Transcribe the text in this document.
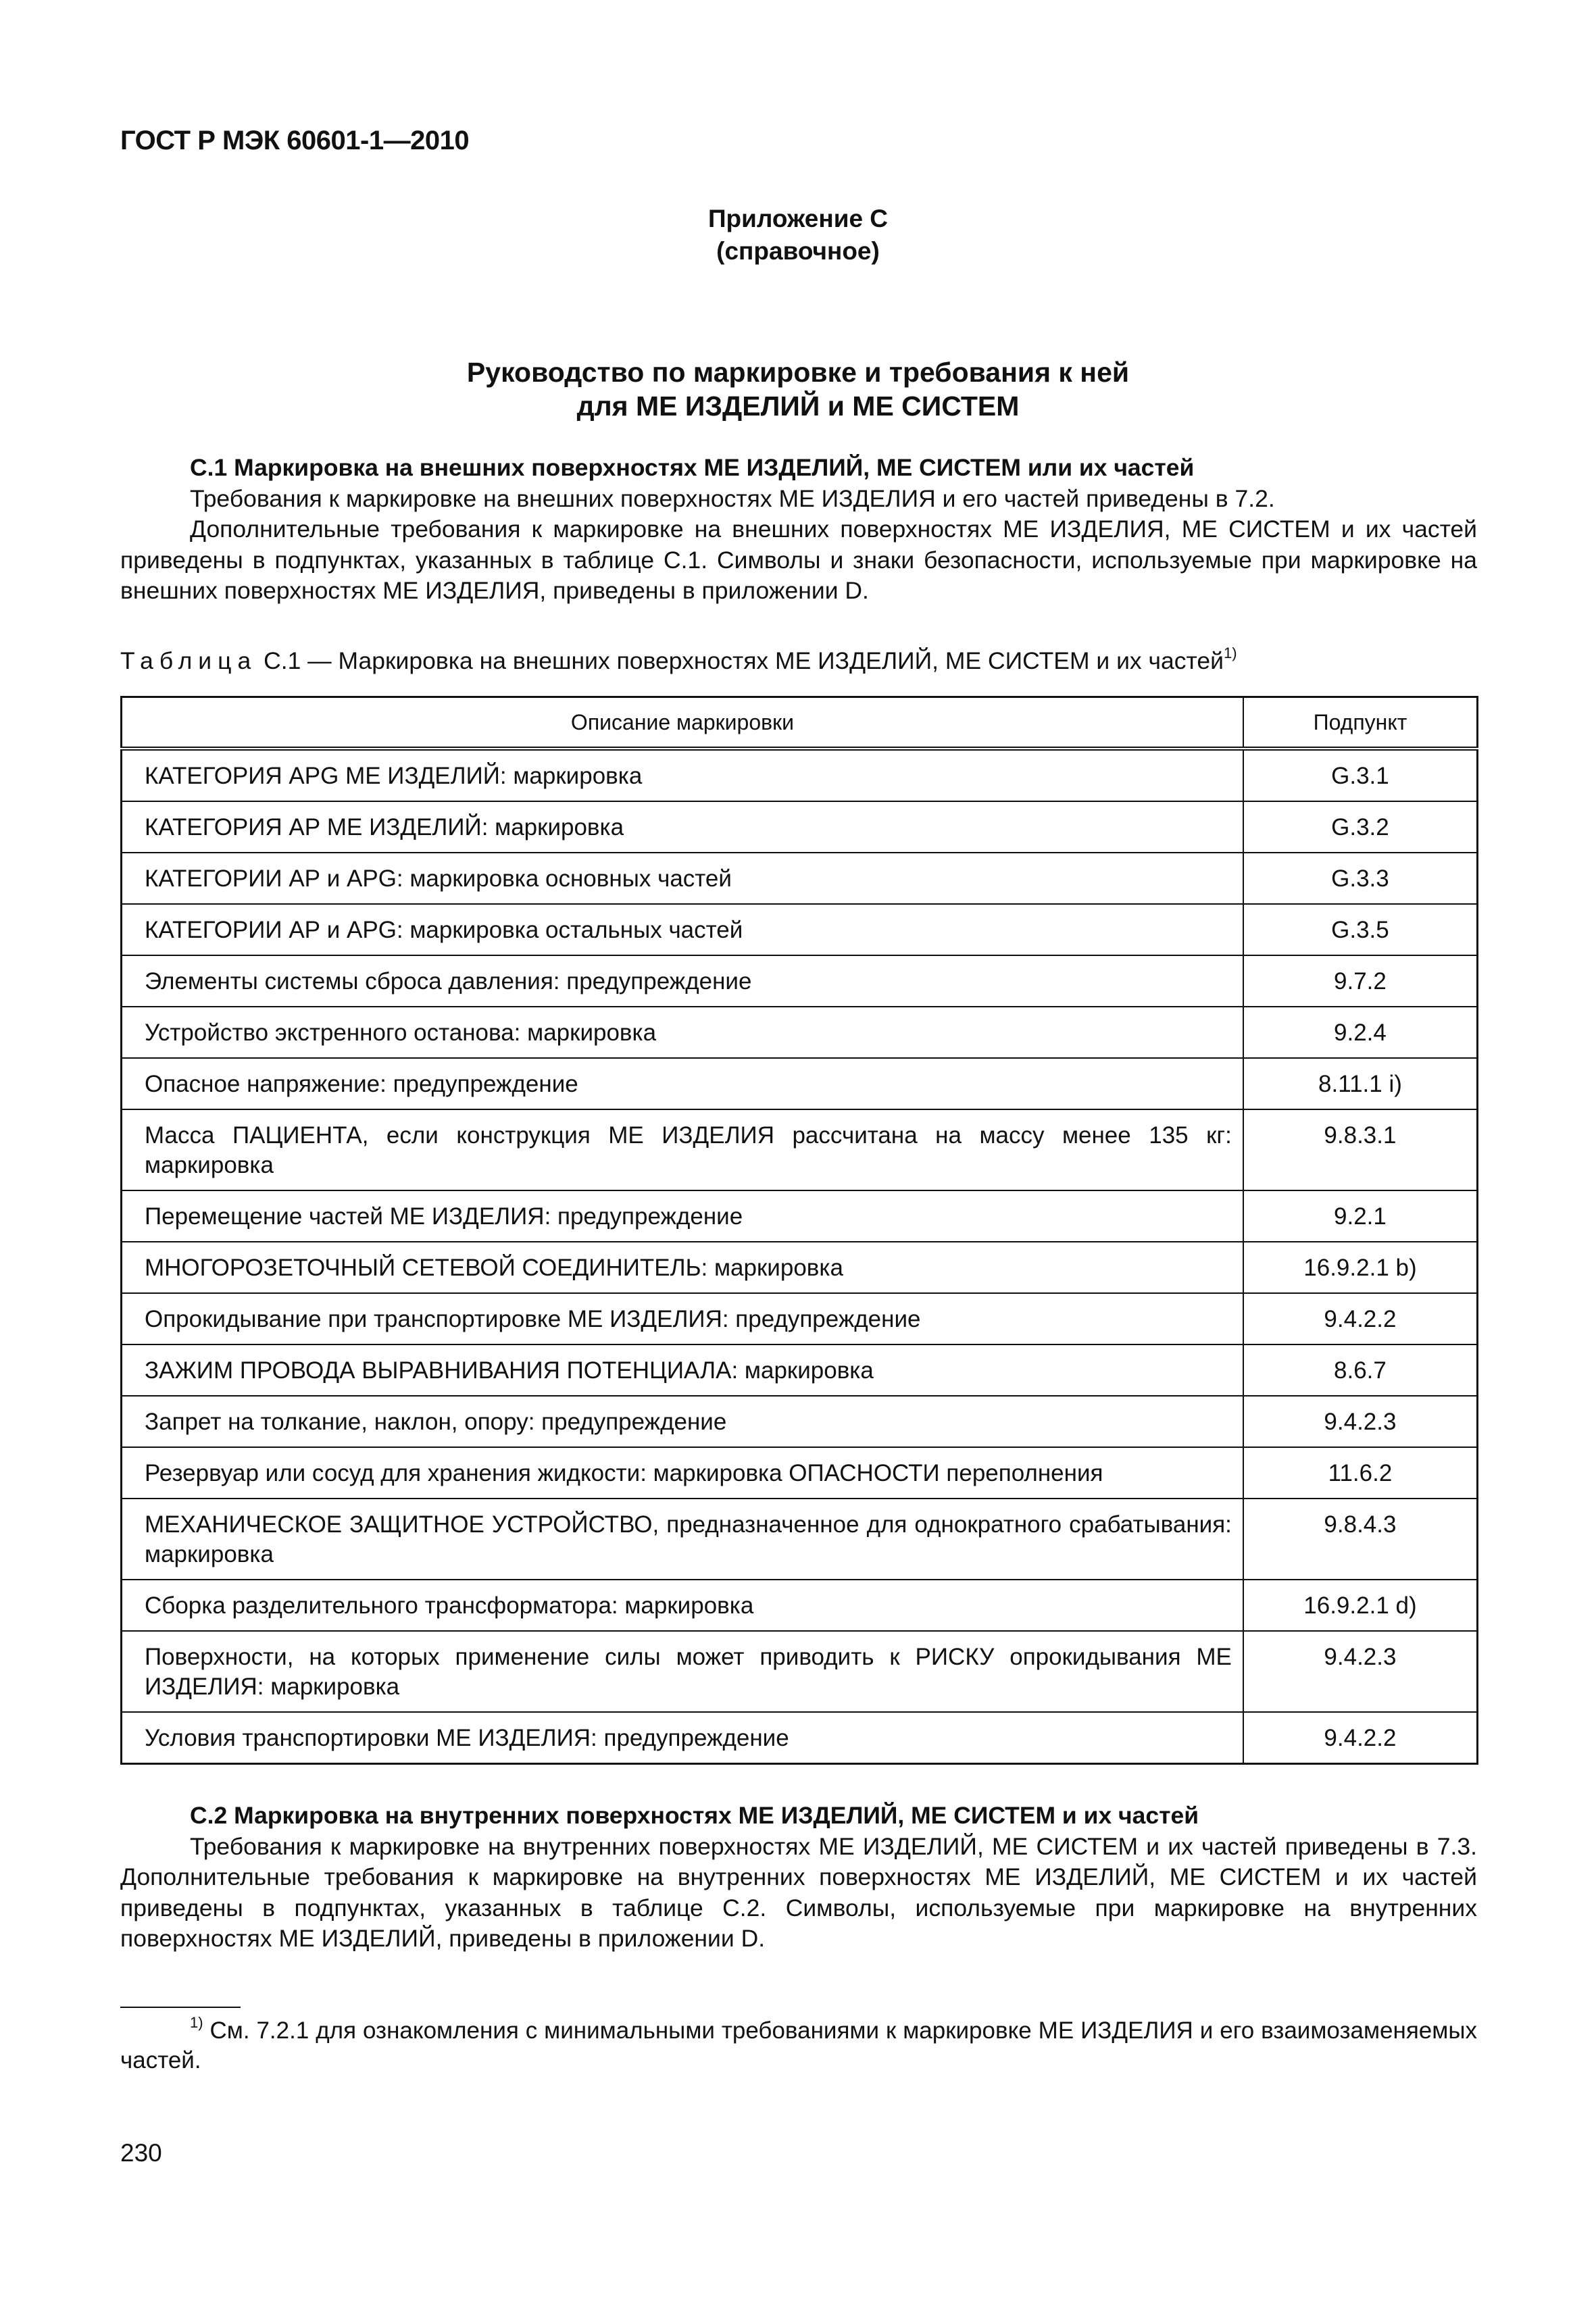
ГОСТ Р МЭК 60601-1—2010
Приложение С
(справочное)
Руководство по маркировке и требования к ней
для МЕ ИЗДЕЛИЙ и МЕ СИСТЕМ

С.1 Маркировка на внешних поверхностях МЕ ИЗДЕЛИЙ, МЕ СИСТЕМ или их частей

Требования к маркировке на внешних поверхностях МЕ ИЗДЕЛИЯ и его частей приведены в 7.2.

Дополнительные требования к маркировке на внешних поверхностях МЕ ИЗДЕЛИЯ, МЕ СИСТЕМ и их частей приведены в подпунктах, указанных в таблице С.1. Символы и знаки безопасности, используемые при маркировке на внешних поверхностях МЕ ИЗДЕЛИЯ, приведены в приложении D.

Таблица С.1 — Маркировка на внешних поверхностях МЕ ИЗДЕЛИЙ, МЕ СИСТЕМ и их частей$^{1)}$
Описание маркировки	Подпункт
КАТЕГОРИЯ APG МЕ ИЗДЕЛИЙ: маркировка	G.3.1
КАТЕГОРИЯ АР МЕ ИЗДЕЛИЙ: маркировка	G.3.2
КАТЕГОРИИ АР и APG: маркировка основных частей	G.3.3
КАТЕГОРИИ АР и APG: маркировка остальных частей	G.3.5
Элементы системы сброса давления: предупреждение	9.7.2
Устройство экстренного останова: маркировка	9.2.4
Опасное напряжение: предупреждение	8.11.1 i)
Масса ПАЦИЕНТА, если конструкция МЕ ИЗДЕЛИЯ рассчитана на массу менее 135 кг: маркировка	9.8.3.1
Перемещение частей МЕ ИЗДЕЛИЯ: предупреждение	9.2.1
МНОГОРОЗЕТОЧНЫЙ СЕТЕВОЙ СОЕДИНИТЕЛЬ: маркировка	16.9.2.1 b)
Опрокидывание при транспортировке МЕ ИЗДЕЛИЯ: предупреждение	9.4.2.2
ЗАЖИМ ПРОВОДА ВЫРАВНИВАНИЯ ПОТЕНЦИАЛА: маркировка	8.6.7
Запрет на толкание, наклон, опору: предупреждение	9.4.2.3
Резервуар или сосуд для хранения жидкости: маркировка ОПАСНОСТИ переполнения	11.6.2
МЕХАНИЧЕСКОЕ ЗАЩИТНОЕ УСТРОЙСТВО, предназначенное для однократного срабатывания: маркировка	9.8.4.3
Сборка разделительного трансформатора: маркировка	16.9.2.1 d)
Поверхности, на которых применение силы может приводить к РИСКУ опрокидывания МЕ ИЗДЕЛИЯ: маркировка	9.4.2.3
Условия транспортировки МЕ ИЗДЕЛИЯ: предупреждение	9.4.2.2

С.2 Маркировка на внутренних поверхностях МЕ ИЗДЕЛИЙ, МЕ СИСТЕМ и их частей

Требования к маркировке на внутренних поверхностях МЕ ИЗДЕЛИЙ, МЕ СИСТЕМ и их частей приведены в 7.3. Дополнительные требования к маркировке на внутренних поверхностях МЕ ИЗДЕЛИЙ, МЕ СИСТЕМ и их частей приведены в подпунктах, указанных в таблице С.2. Символы, используемые при маркировке на внутренних поверхностях МЕ ИЗДЕЛИЙ, приведены в приложении D.

$^{1)}$ См. 7.2.1 для ознакомления с минимальными требованиями к маркировке МЕ ИЗДЕЛИЯ и его взаимозаменяемых частей.

230
